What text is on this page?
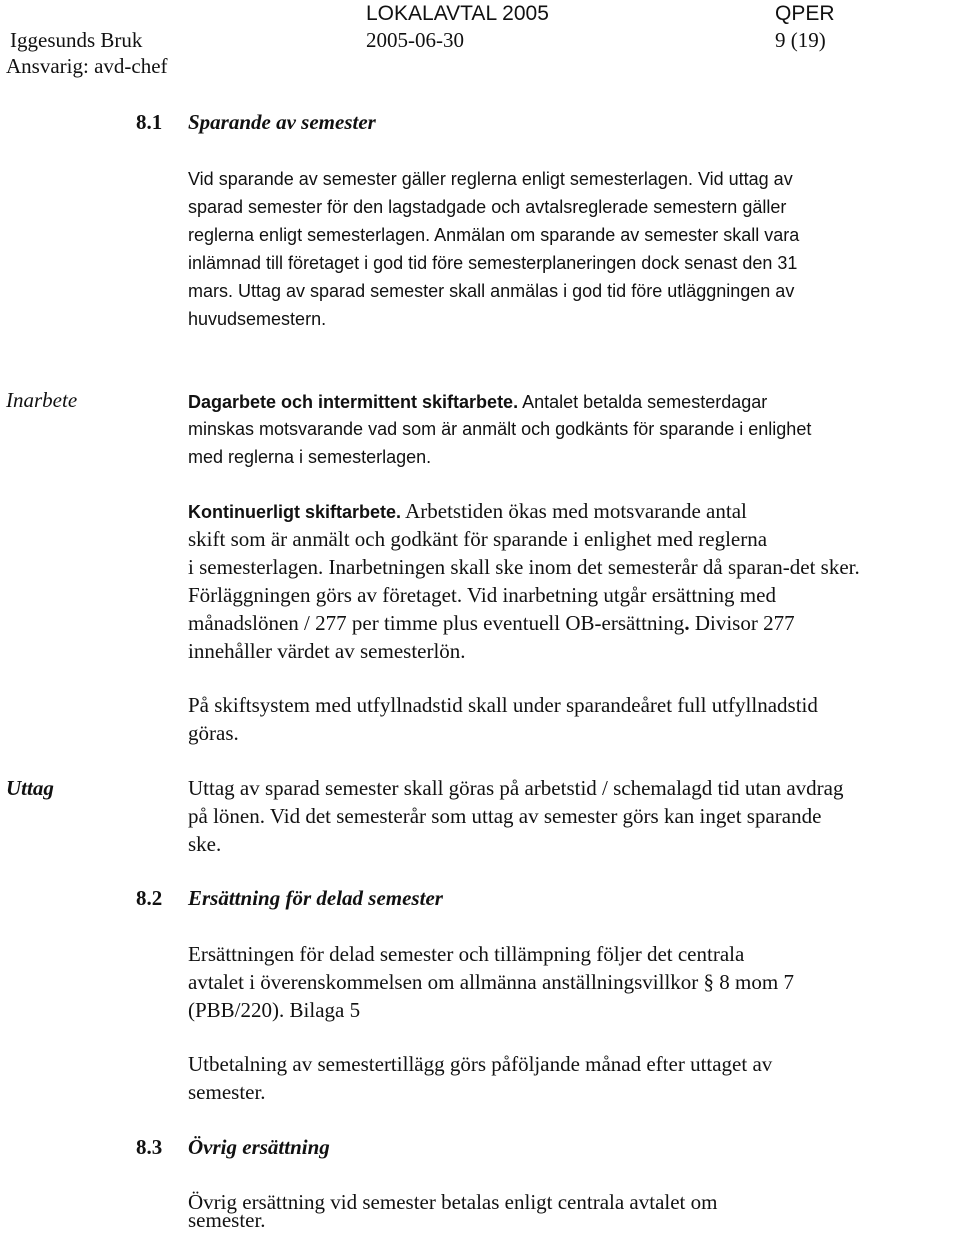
LOKALAVTAL 2005	QPER
Iggesunds Bruk	2005-06-30	9 (19)
Ansvarig: avd-chef
8.1 Sparande av semester
Vid sparande av semester gäller reglerna enligt semesterlagen. Vid uttag av
sparad semester för den lagstadgade och avtalsreglerade semestern gäller
reglerna enligt semesterlagen. Anmälan om sparande av semester skall vara
inlämnad till företaget i god tid före semesterplaneringen dock senast den 31
mars. Uttag av sparad semester skall anmälas i god tid före utläggningen av
huvudsemestern.
Inarbete	Dagarbete och intermittent skiftarbete. Antalet betalda semesterdagar
minskas motsvarande vad som är anmält och godkänts för sparande i enlighet
med reglerna i semesterlagen.
Kontinuerligt skiftarbete. Arbetstiden ökas med motsvarande antal
skift som är anmält och godkänt för sparande i enlighet med reglerna
i semesterlagen. Inarbetningen skall ske inom det semesterår då sparan-det sker.
Förläggningen görs av företaget. Vid inarbetning utgår ersättning med
månadslönen / 277 per timme plus eventuell OB-ersättning. Divisor 277
innehåller värdet av semesterlön.
På skiftsystem med utfyllnadstid skall under sparandeåret full utfyllnadstid
göras.
Uttag	Uttag av sparad semester skall göras på arbetstid / schemalagd tid utan avdrag
på lönen. Vid det semesterår som uttag av semester görs kan inget sparande
ske.
8.2 Ersättning för delad semester
Ersättningen för delad semester och tillämpning följer det centrala
avtalet i överenskommelsen om allmänna anställningsvillkor § 8 mom 7
(PBB/220). Bilaga 5
Utbetalning av semestertillägg görs påföljande månad efter uttaget av
semester.
8.3 Övrig ersättning
Övrig ersättning vid semester betalas enligt centrala avtalet om
semester.
